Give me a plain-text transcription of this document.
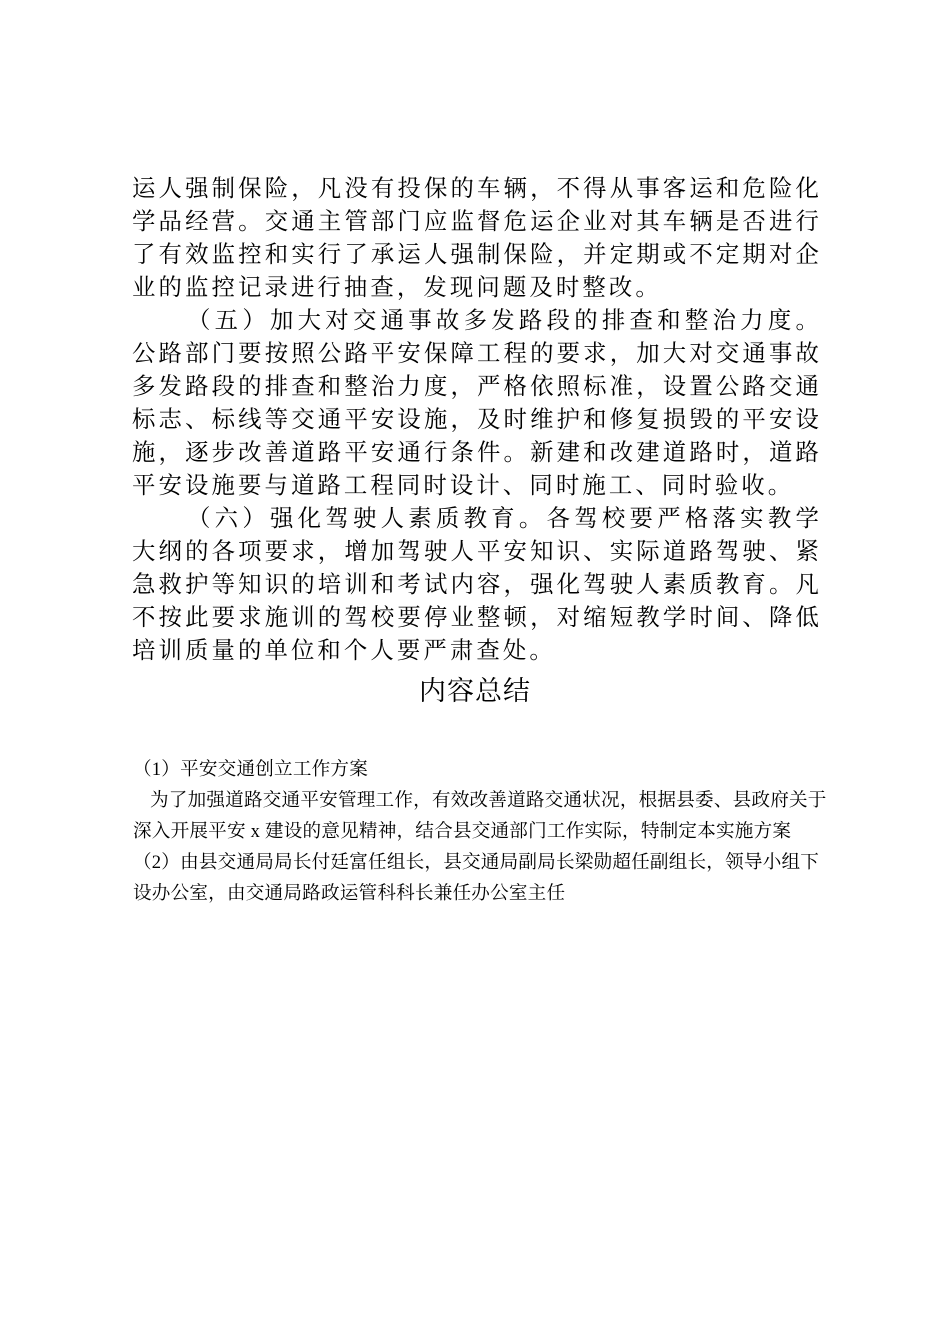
运人强制保险，凡没有投保的车辆，不得从事客运和危险化学品经营。交通主管部门应监督危运企业对其车辆是否进行了有效监控和实行了承运人强制保险，并定期或不定期对企业的监控记录进行抽查，发现问题及时整改。

（五）加大对交通事故多发路段的排查和整治力度。公路部门要按照公路平安保障工程的要求，加大对交通事故多发路段的排查和整治力度，严格依照标准，设置公路交通标志、标线等交通平安设施，及时维护和修复损毁的平安设施，逐步改善道路平安通行条件。新建和改建道路时，道路平安设施要与道路工程同时设计、同时施工、同时验收。

（六）强化驾驶人素质教育。各驾校要严格落实教学大纲的各项要求，增加驾驶人平安知识、实际道路驾驶、紧急救护等知识的培训和考试内容，强化驾驶人素质教育。凡不按此要求施训的驾校要停业整顿，对缩短教学时间、降低培训质量的单位和个人要严肃查处。

内容总结

（1）平安交通创立工作方案

为了加强道路交通平安管理工作，有效改善道路交通状况，根据县委、县政府关于深入开展平安 x 建设的意见精神，结合县交通部门工作实际，特制定本实施方案

（2）由县交通局局长付廷富任组长，县交通局副局长梁勋超任副组长，领导小组下设办公室，由交通局路政运管科科长兼任办公室主任
